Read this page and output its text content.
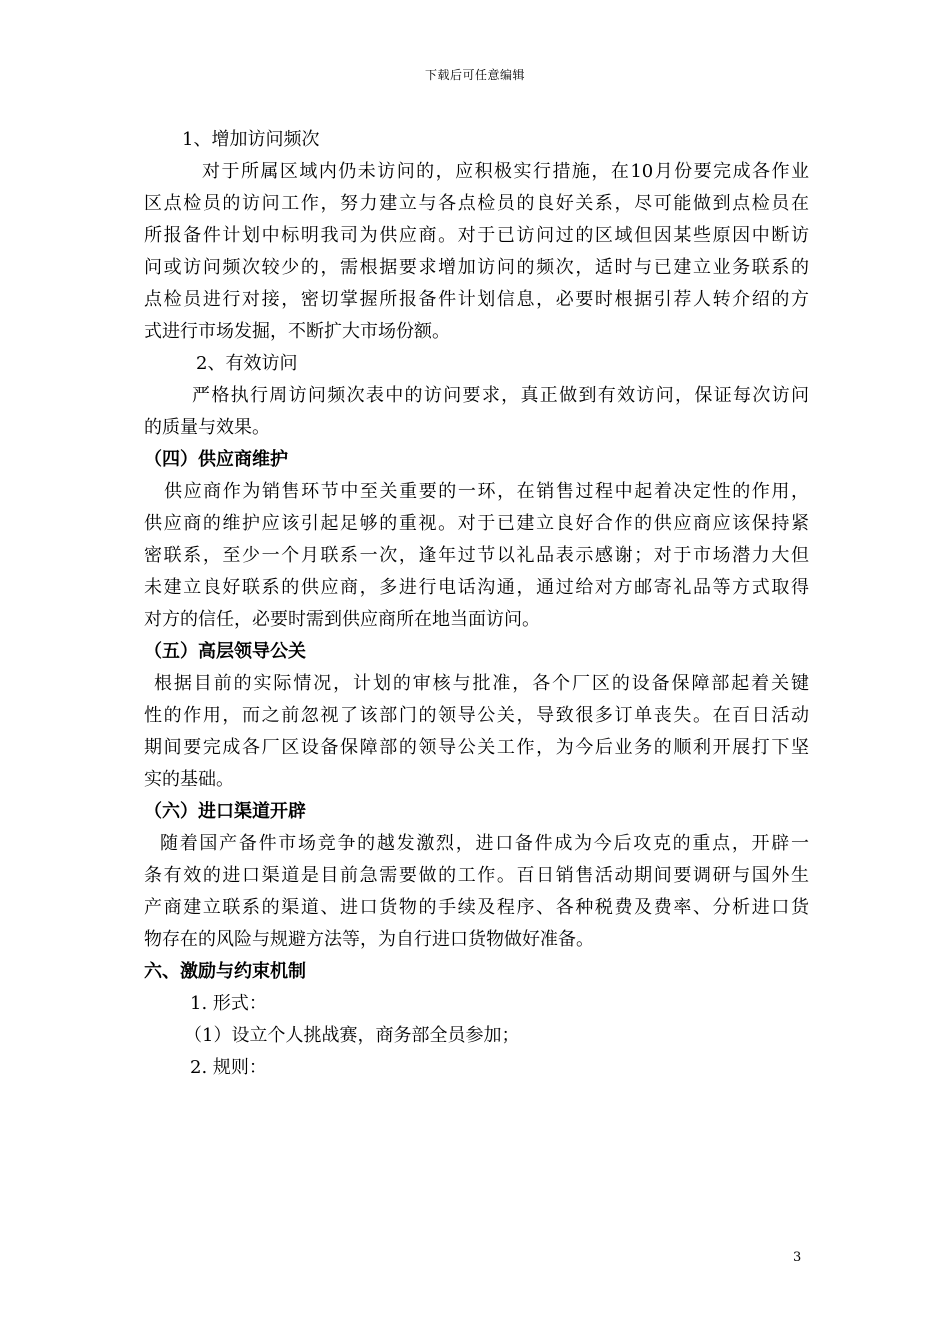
下载后可任意编辑
1、增加访问频次
对于所属区域内仍未访问的，应积极实行措施，在10月份要完成各作业
区点检员的访问工作，努力建立与各点检员的良好关系，尽可能做到点检员在
所报备件计划中标明我司为供应商。对于已访问过的区域但因某些原因中断访
问或访问频次较少的，需根据要求增加访问的频次，适时与已建立业务联系的
点检员进行对接，密切掌握所报备件计划信息，必要时根据引荐人转介绍的方
式进行市场发掘，不断扩大市场份额。
2、有效访问
严格执行周访问频次表中的访问要求，真正做到有效访问，保证每次访问
的质量与效果。
（四）供应商维护
供应商作为销售环节中至关重要的一环，在销售过程中起着决定性的作用，
供应商的维护应该引起足够的重视。对于已建立良好合作的供应商应该保持紧
密联系，至少一个月联系一次，逢年过节以礼品表示感谢；对于市场潜力大但
未建立良好联系的供应商，多进行电话沟通，通过给对方邮寄礼品等方式取得
对方的信任，必要时需到供应商所在地当面访问。
（五）高层领导公关
根据目前的实际情况，计划的审核与批准，各个厂区的设备保障部起着关键
性的作用，而之前忽视了该部门的领导公关，导致很多订单丧失。在百日活动
期间要完成各厂区设备保障部的领导公关工作，为今后业务的顺利开展打下坚
实的基础。
（六）进口渠道开辟
随着国产备件市场竞争的越发激烈，进口备件成为今后攻克的重点，开辟一
条有效的进口渠道是目前急需要做的工作。百日销售活动期间要调研与国外生
产商建立联系的渠道、进口货物的手续及程序、各种税费及费率、分析进口货
物存在的风险与规避方法等，为自行进口货物做好准备。
六、激励与约束机制
1. 形式：
（1）设立个人挑战赛，商务部全员参加；
2. 规则：
3
